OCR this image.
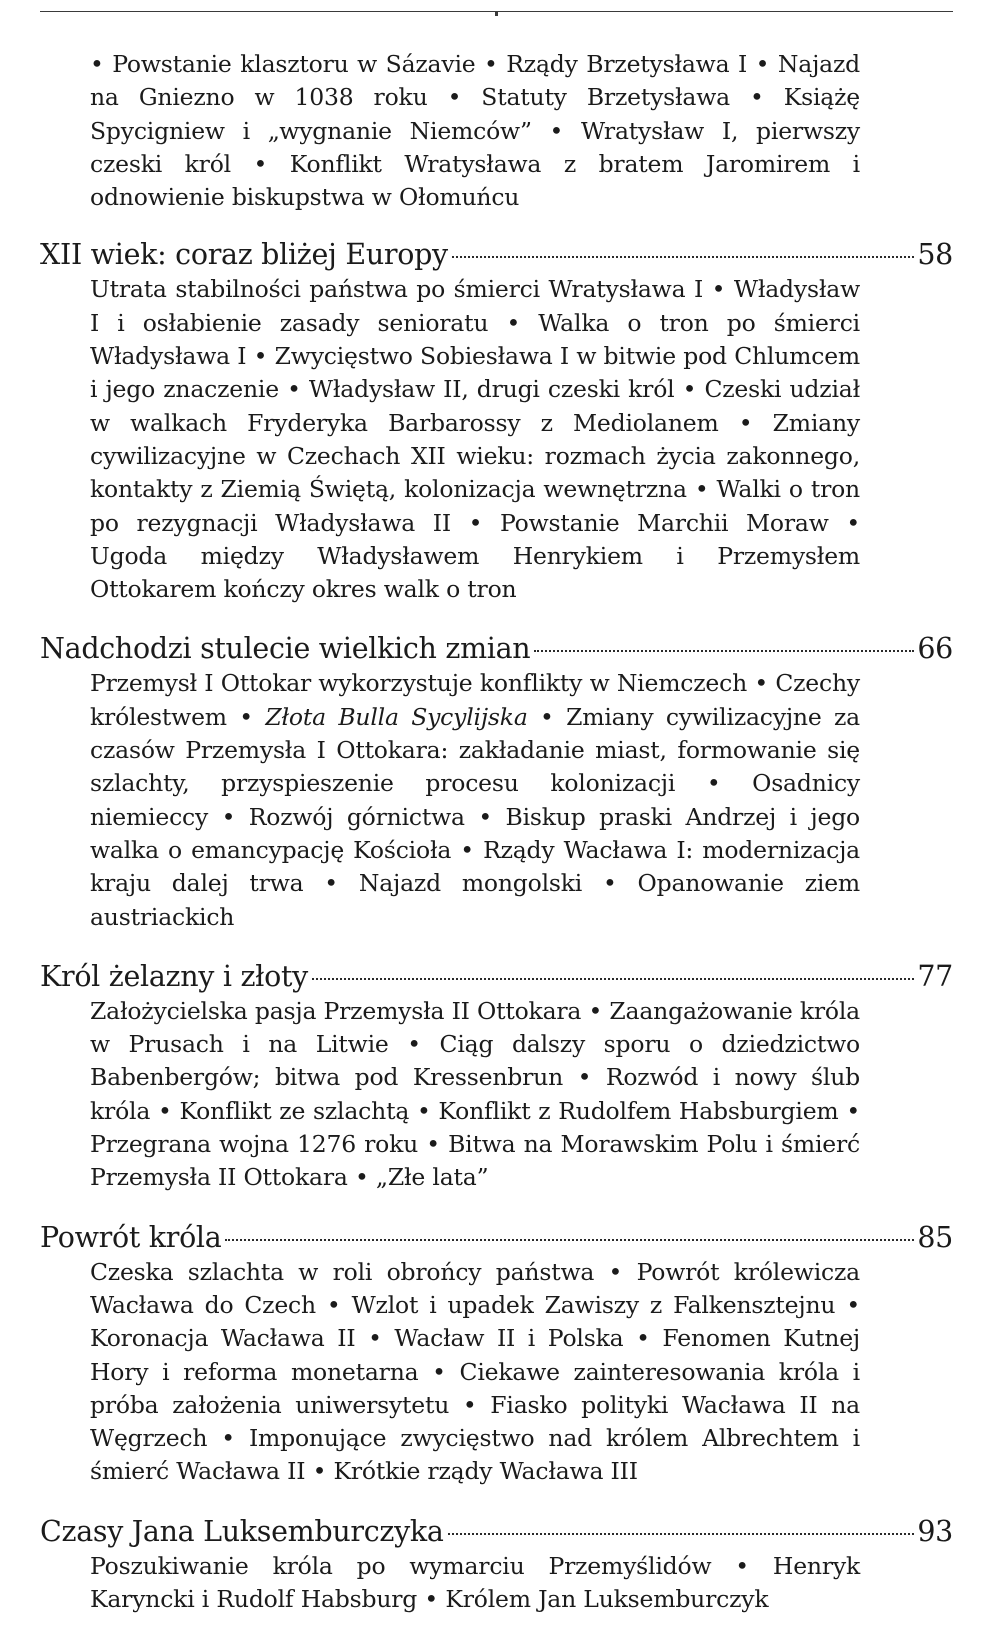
• Powstanie klasztoru w Sázavie • Rządy Brzetysława I • Najazd na Gniezno w 1038 roku • Statuty Brzetysława • Książę Spycigniew i „wygnanie Niemców” • Wratysław I, pierwszy czeski król • Konflikt Wratysława z bratem Jaromirem i odnowienie biskupstwa w Ołomuńcu

XII wiek: coraz bliżej Europy	58

Utrata stabilności państwa po śmierci Wratysława I • Władysław I i osłabienie zasady senioratu • Walka o tron po śmierci Władysława I • Zwycięstwo Sobiesława I w bitwie pod Chlumcem i jego znaczenie • Władysław II, drugi czeski król • Czeski udział w walkach Fryderyka Barbarossy z Mediolanem • Zmiany cywilizacyjne w Czechach XII wieku: rozmach życia zakonnego, kontakty z Ziemią Świętą, kolonizacja wewnętrzna • Walki o tron po rezygnacji Władysława II • Powstanie Marchii Moraw • Ugoda między Władysławem Henrykiem i Przemysłem Ottokarem kończy okres walk o tron

Nadchodzi stulecie wielkich zmian	66

Przemysł I Ottokar wykorzystuje konflikty w Niemczech • Czechy królestwem • Złota Bulla Sycylijska • Zmiany cywilizacyjne za czasów Przemysła I Ottokara: zakładanie miast, formowanie się szlachty, przyspieszenie procesu kolonizacji • Osadnicy niemieccy • Rozwój górnictwa • Biskup praski Andrzej i jego walka o emancypację Kościoła • Rządy Wacława I: modernizacja kraju dalej trwa • Najazd mongolski • Opanowanie ziem austriackich

Król żelazny i złoty	77

Założycielska pasja Przemysła II Ottokara • Zaangażowanie króla w Prusach i na Litwie • Ciąg dalszy sporu o dziedzictwo Babenbergów; bitwa pod Kressenbrun • Rozwód i nowy ślub króla • Konflikt ze szlachtą • Konflikt z Rudolfem Habsburgiem • Przegrana wojna 1276 roku • Bitwa na Morawskim Polu i śmierć Przemysła II Ottokara • „Złe lata”

Powrót króla	85

Czeska szlachta w roli obrońcy państwa • Powrót królewicza Wacława do Czech • Wzlot i upadek Zawiszy z Falkensztejnu • Koronacja Wacława II • Wacław II i Polska • Fenomen Kutnej Hory i reforma monetarna • Ciekawe zainteresowania króla i próba założenia uniwersytetu • Fiasko polityki Wacława II na Węgrzech • Imponujące zwycięstwo nad królem Albrechtem i śmierć Wacława II • Krótkie rządy Wacława III

Czasy Jana Luksemburczyka	93

Poszukiwanie króla po wymarciu Przemyślidów • Henryk Karyncki i Rudolf Habsburg • Królem Jan Luksemburczyk
